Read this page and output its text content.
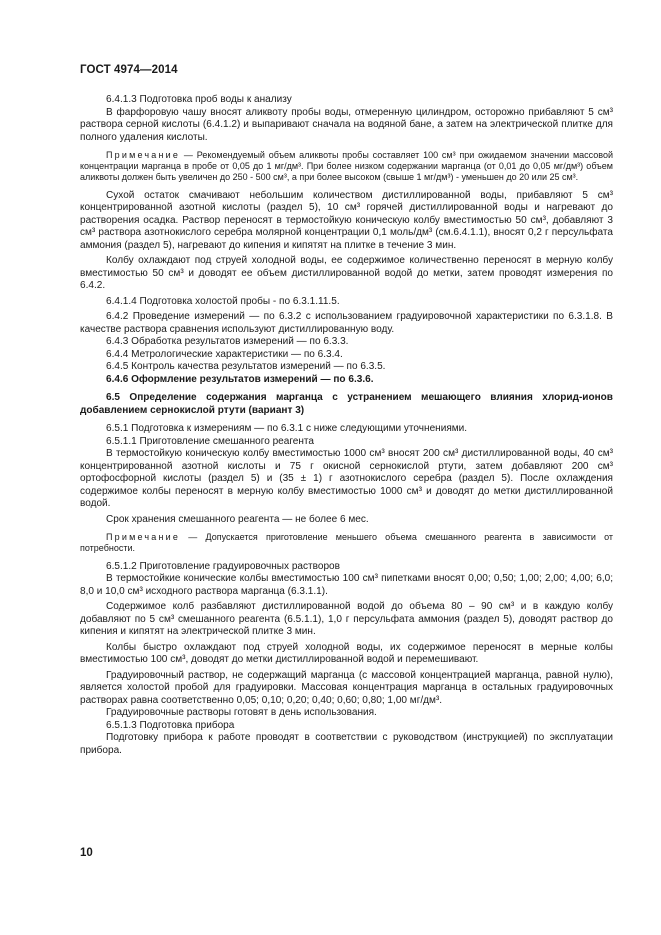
ГОСТ 4974—2014

6.4.1.3 Подготовка проб воды к анализу

В фарфоровую чашу вносят аликвоту пробы воды, отмеренную цилиндром, осторожно прибавляют 5 см³ раствора серной кислоты (6.4.1.2) и выпаривают сначала на водяной бане, а затем на электрической плитке для полного удаления кислоты.

Примечание — Рекомендуемый объем аликвоты пробы составляет 100 см³ при ожидаемом значении массовой концентрации марганца в пробе от 0,05 до 1 мг/дм³. При более низком содержании марганца (от 0,01 до 0,05 мг/дм³) объем аликвоты должен быть увеличен до 250 - 500 см³, а при более высоком (свыше 1 мг/дм³) - уменьшен до 20 или 25 см³.

Сухой остаток смачивают небольшим количеством дистиллированной воды, прибавляют 5 см³ концентрированной азотной кислоты (раздел 5), 10 см³ горячей дистиллированной воды и нагревают до растворения осадка. Раствор переносят в термостойкую коническую колбу вместимостью 50 см³, добавляют 3 см³ раствора азотнокислого серебра молярной концентрации 0,1 моль/дм³ (см.6.4.1.1), вносят 0,2 г персульфата аммония (раздел 5), нагревают до кипения и кипятят на плитке в течение 3 мин.

Колбу охлаждают под струей холодной воды, ее содержимое количественно переносят в мерную колбу вместимостью 50 см³ и доводят ее объем дистиллированной водой до метки, затем проводят измерения по 6.4.2.

6.4.1.4 Подготовка холостой пробы - по 6.3.1.11.5.

6.4.2 Проведение измерений — по 6.3.2 с использованием градуировочной характеристики по 6.3.1.8. В качестве раствора сравнения используют дистиллированную воду.

6.4.3 Обработка результатов измерений — по 6.3.3.

6.4.4 Метрологические характеристики — по 6.3.4.

6.4.5 Контроль качества результатов измерений — по 6.3.5.

6.4.6 Оформление результатов измерений — по 6.3.6.

6.5 Определение содержания марганца с устранением мешающего влияния хлорид-ионов добавлением сернокислой ртути (вариант 3)

6.5.1 Подготовка к измерениям — по 6.3.1 с ниже следующими уточнениями.

6.5.1.1 Приготовление смешанного реагента

В термостойкую коническую колбу вместимостью 1000 см³ вносят 200 см³ дистиллированной воды, 40 см³ концентрированной азотной кислоты и 75 г окисной сернокислой ртути, затем добавляют 200 см³ ортофосфорной кислоты (раздел 5) и (35 ± 1) г азотнокислого серебра (раздел 5). После охлаждения содержимое колбы переносят в мерную колбу вместимостью 1000 см³ и доводят до метки дистиллированной водой.

Срок хранения смешанного реагента — не более 6 мес.

Примечание — Допускается приготовление меньшего объема смешанного реагента в зависимости от потребности.

6.5.1.2 Приготовление градуировочных растворов

В термостойкие конические колбы вместимостью 100 см³ пипетками вносят 0,00; 0,50; 1,00; 2,00; 4,00; 6,0; 8,0 и 10,0 см³ исходного раствора марганца (6.3.1.1).

Содержимое колб разбавляют дистиллированной водой до объема 80 – 90 см³ и в каждую колбу добавляют по 5 см³ смешанного реагента (6.5.1.1), 1,0 г персульфата аммония (раздел 5), доводят раствор до кипения и кипятят на электрической плитке 3 мин.

Колбы быстро охлаждают под струей холодной воды, их содержимое переносят в мерные колбы вместимостью 100 см³, доводят до метки дистиллированной водой и перемешивают.

Градуировочный раствор, не содержащий марганца (с массовой концентрацией марганца, равной нулю), является холостой пробой для градуировки. Массовая концентрация марганца в остальных градуировочных растворах равна соответственно 0,05; 0,10; 0,20; 0,40; 0,60; 0,80; 1,00 мг/дм³.

Градуировочные растворы готовят в день использования.

6.5.1.3 Подготовка прибора

Подготовку прибора к работе проводят в соответствии с руководством (инструкцией) по эксплуатации прибора.

10
